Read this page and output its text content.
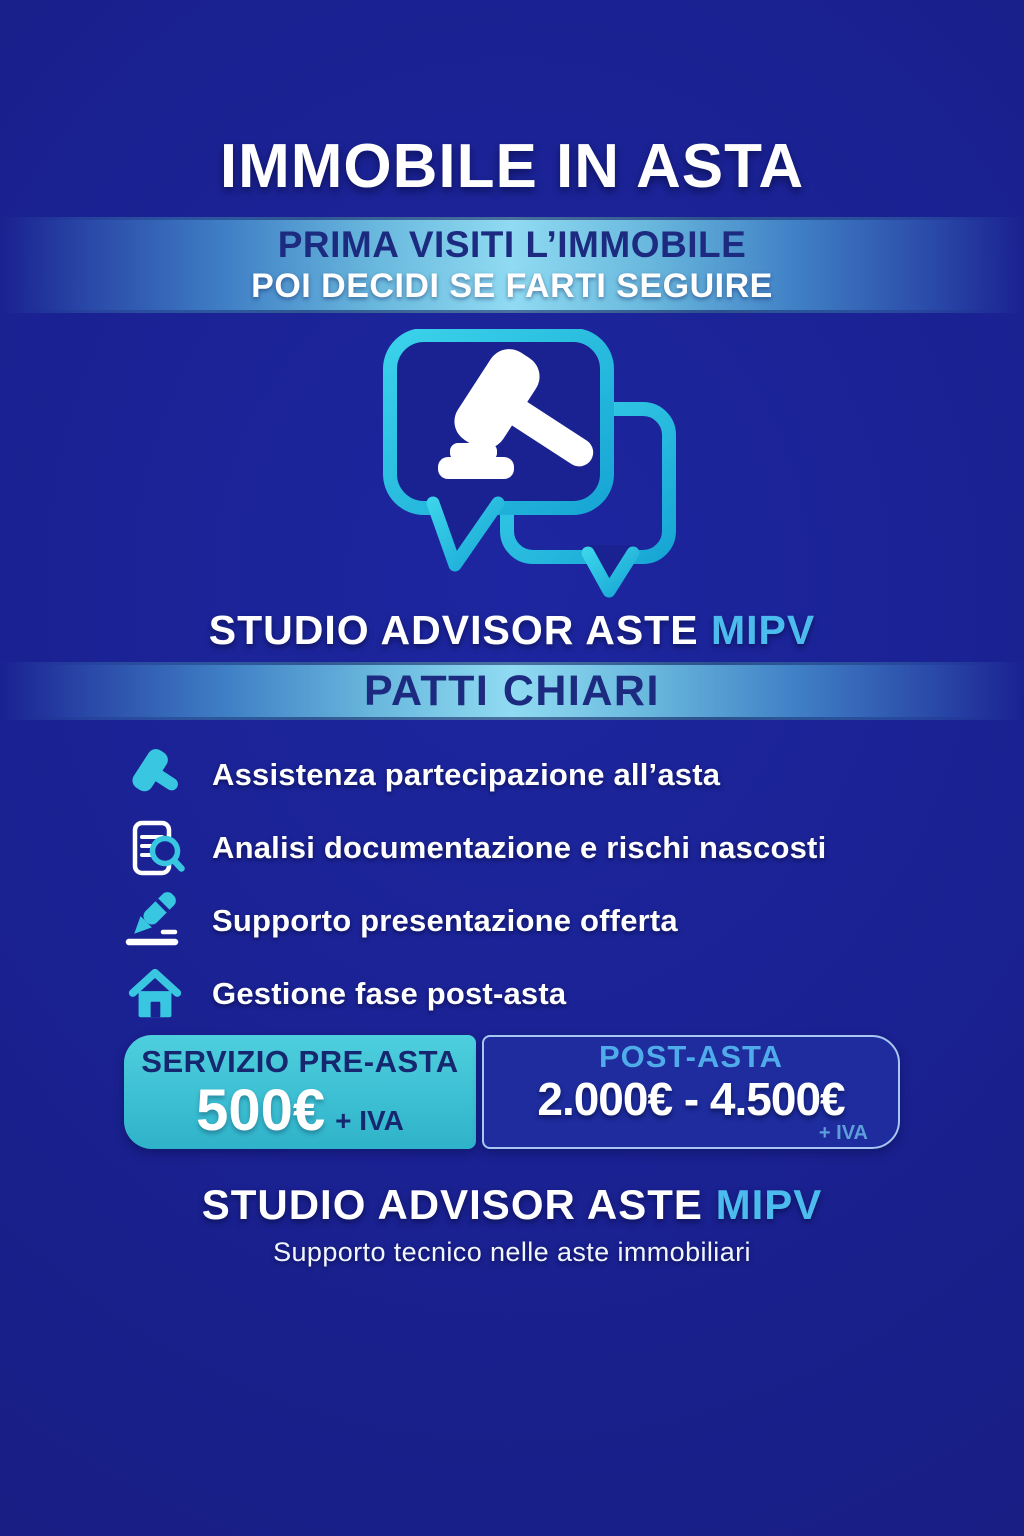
IMMOBILE IN ASTA
PRIMA VISITI L’IMMOBILE
POI DECIDI SE FARTI SEGUIRE
STUDIO ADVISOR ASTE MIPV
PATTI CHIARI
Assistenza partecipazione all’asta
Analisi documentazione e rischi nascosti
Supporto presentazione offerta
Gestione fase post-asta
SERVIZIO PRE-ASTA
500€ + IVA
POST-ASTA
2.000€ - 4.500€
+ IVA
STUDIO ADVISOR ASTE MIPV
Supporto tecnico nelle aste immobiliari
